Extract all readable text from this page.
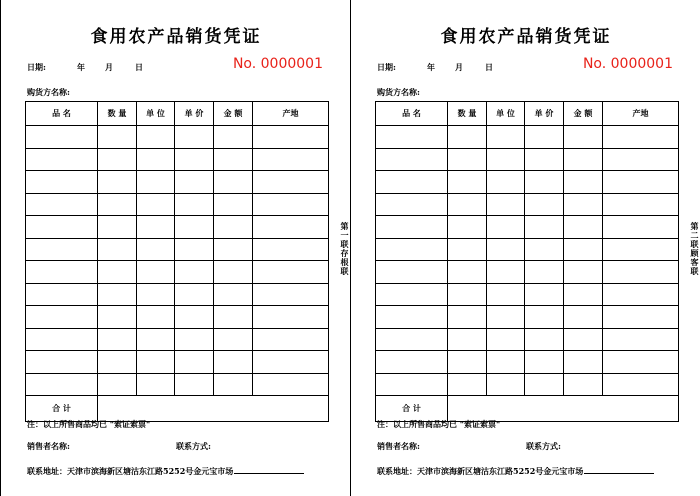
食用农产品销货凭证
日期:	年	月	日	No. 0000001
购货方名称:
品 名	数 量	单 位	单 价	金 额	产地

合 计					
第一联存根联
注：以上所售商品均已 "索证索票"
销售者名称:	联系方式:
联系地址：天津市滨海新区塘沽东江路5252号金元宝市场
食用农产品销货凭证
日期:	年	月	日	No. 0000001
购货方名称:
品 名	数 量	单 位	单 价	金 额	产地

合 计					
第二联顾客联
注：以上所售商品均已 "索证索票"
销售者名称:	联系方式:
联系地址：天津市滨海新区塘沽东江路5252号金元宝市场
